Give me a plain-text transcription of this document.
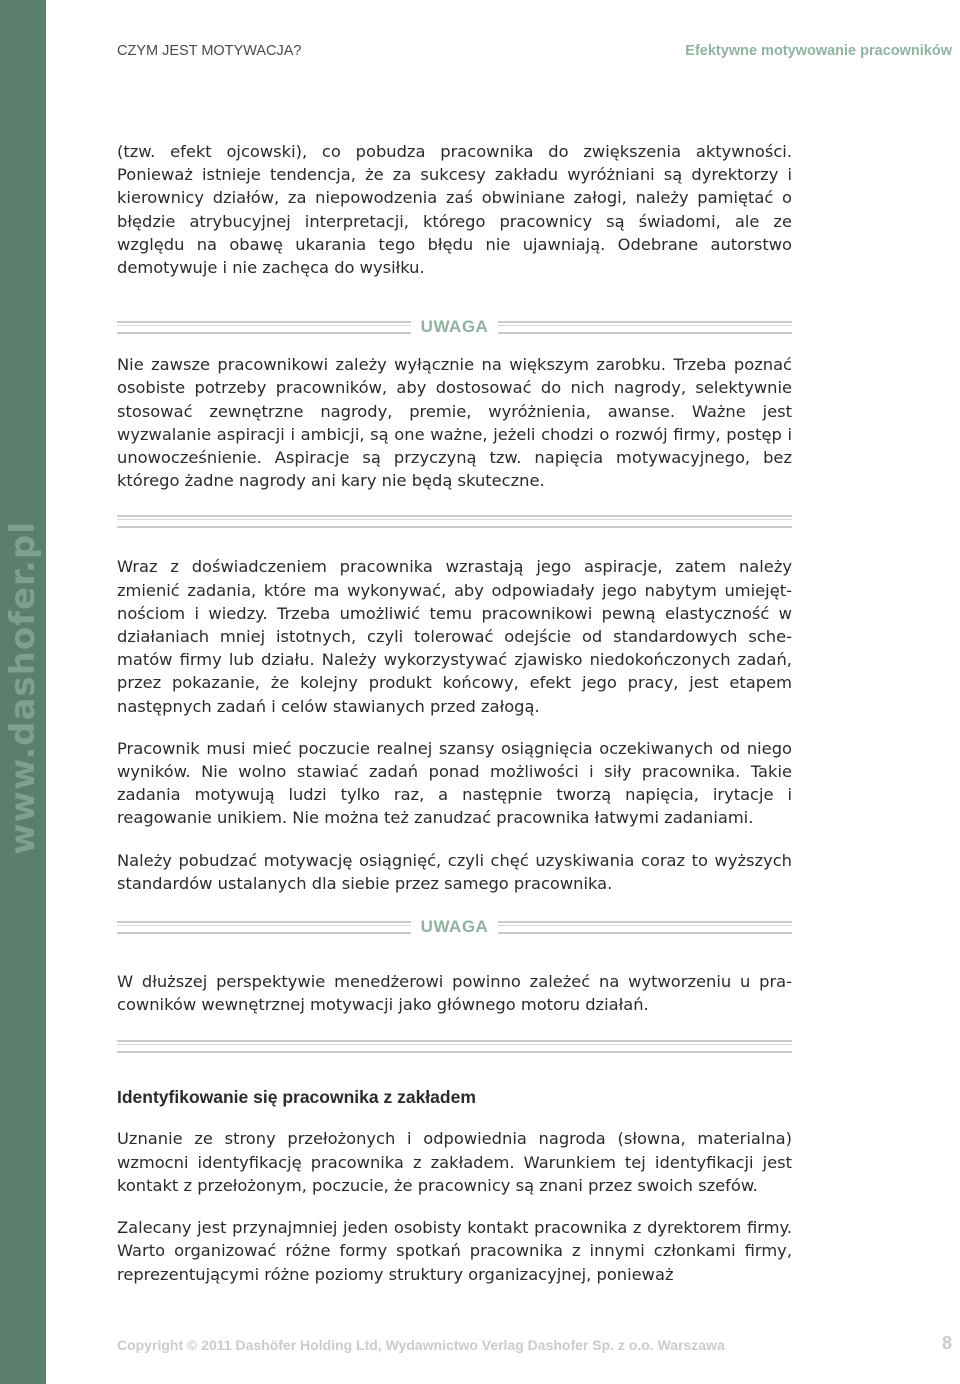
www.dashofer.pl
CZYM JEST MOTYWACJA?	Efektywne motywowanie pracowników

(tzw. efekt ojcowski), co pobudza pracownika do zwiększenia aktywności. Ponieważ istnieje tendencja, że za sukcesy zakładu wyróżniani są dyrektorzy i kierownicy działów, za niepowodzenia zaś obwiniane załogi, należy pamiętać o błędzie atrybucyjnej interpretacji, którego pracownicy są świadomi, ale ze względu na obawę ukarania tego błędu nie ujawniają. Odebrane autorstwo demotywuje i nie zachęca do wysiłku.

UWAGA

Nie zawsze pracownikowi zależy wyłącznie na większym zarobku. Trzeba poznać osobiste potrzeby pracowników, aby dostosować do nich nagrody, selektywnie stosować zewnętrzne nagrody, premie, wyróżnienia, awanse. Ważne jest wyzwalanie aspiracji i ambicji, są one ważne, jeżeli chodzi o rozwój firmy, postęp i unowocześnienie. Aspiracje są przyczyną tzw. napięcia motywacyjnego, bez którego żadne nagrody ani kary nie będą skuteczne.

Wraz z doświadczeniem pracownika wzrastają jego aspiracje, zatem należy zmienić zadania, które ma wykonywać, aby odpowiadały jego nabytym umiejętnościom i wiedzy. Trzeba umożliwić temu pracownikowi pewną elastyczność w działaniach mniej istotnych, czyli tolerować odejście od standardowych schematów firmy lub działu. Należy wykorzystywać zjawisko niedokończonych zadań, przez pokazanie, że kolejny produkt końcowy, efekt jego pracy, jest etapem następnych zadań i celów stawianych przed załogą.

Pracownik musi mieć poczucie realnej szansy osiągnięcia oczekiwanych od niego wyników. Nie wolno stawiać zadań ponad możliwości i siły pracownika. Takie zadania motywują ludzi tylko raz, a następnie tworzą napięcia, irytacje i reagowanie unikiem. Nie można też zanudzać pracownika łatwymi zadaniami.

Należy pobudzać motywację osiągnięć, czyli chęć uzyskiwania coraz to wyższych standardów ustalanych dla siebie przez samego pracownika.

UWAGA

W dłuższej perspektywie menedżerowi powinno zależeć na wytworzeniu u pracowników wewnętrznej motywacji jako głównego motoru działań.

Identyfikowanie się pracownika z zakładem

Uznanie ze strony przełożonych i odpowiednia nagroda (słowna, materialna) wzmocni identyfikację pracownika z zakładem. Warunkiem tej identyfikacji jest kontakt z przełożonym, poczucie, że pracownicy są znani przez swoich szefów.

Zalecany jest przynajmniej jeden osobisty kontakt pracownika z dyrektorem firmy. Warto organizować różne formy spotkań pracownika z innymi członkami firmy, reprezentującymi różne poziomy struktury organizacyjnej, ponieważ

Copyright © 2011 Dashöfer Holding Ltd, Wydawnictwo Verlag Dashofer Sp. z o.o. Warszawa	8
